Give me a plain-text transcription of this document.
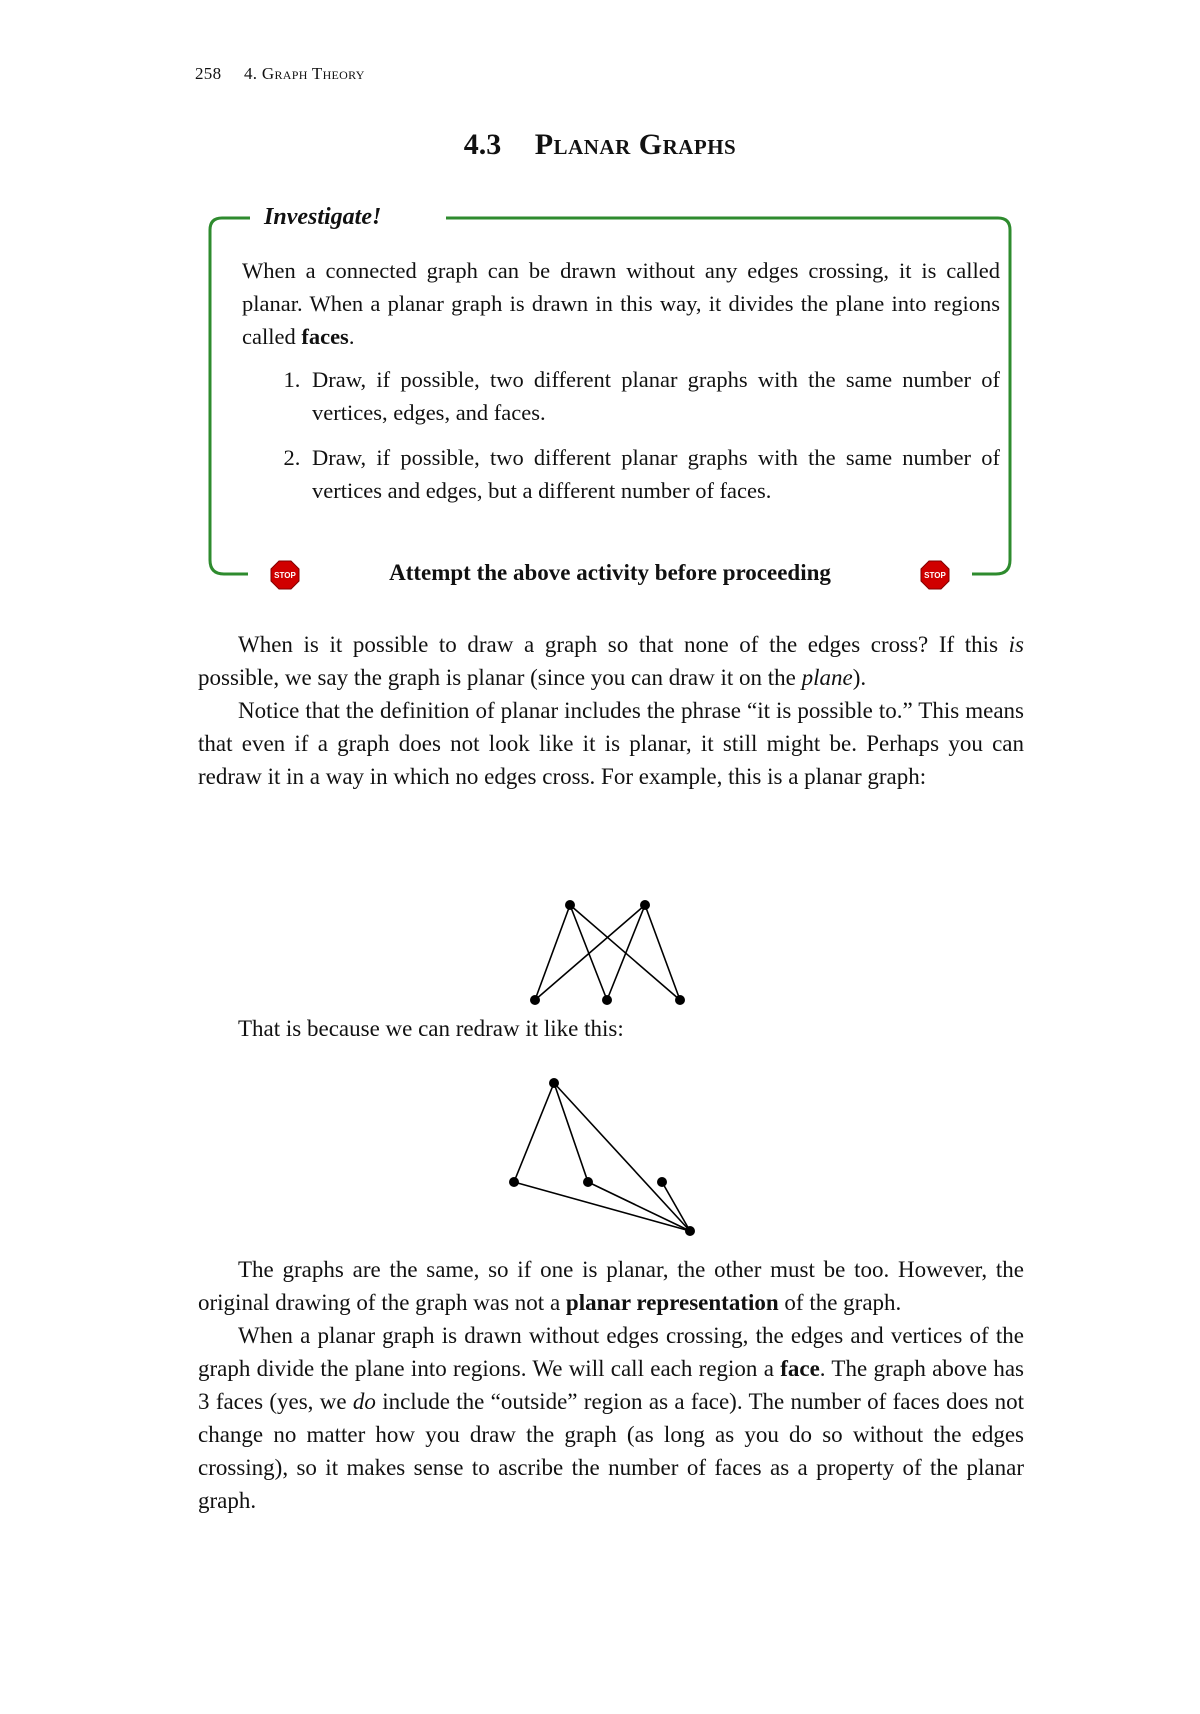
258 4. Graph Theory
4.3 Planar Graphs
Investigate!

When a connected graph can be drawn without any edges crossing, it is called planar. When a planar graph is drawn in this way, it divides the plane into regions called faces.

1. Draw, if possible, two different planar graphs with the same number of vertices, edges, and faces.
2. Draw, if possible, two different planar graphs with the same number of vertices and edges, but a different number of faces.
STOP	Attempt the above activity before proceeding	STOP

When is it possible to draw a graph so that none of the edges cross? If this is possible, we say the graph is planar (since you can draw it on the plane).

Notice that the definition of planar includes the phrase “it is possible to.” This means that even if a graph does not look like it is planar, it still might be. Perhaps you can redraw it in a way in which no edges cross. For example, this is a planar graph:

That is because we can redraw it like this:

The graphs are the same, so if one is planar, the other must be too. However, the original drawing of the graph was not a planar representation of the graph.

When a planar graph is drawn without edges crossing, the edges and vertices of the graph divide the plane into regions. We will call each region a face. The graph above has 3 faces (yes, we do include the “outside” region as a face). The number of faces does not change no matter how you draw the graph (as long as you do so without the edges crossing), so it makes sense to ascribe the number of faces as a property of the planar graph.
